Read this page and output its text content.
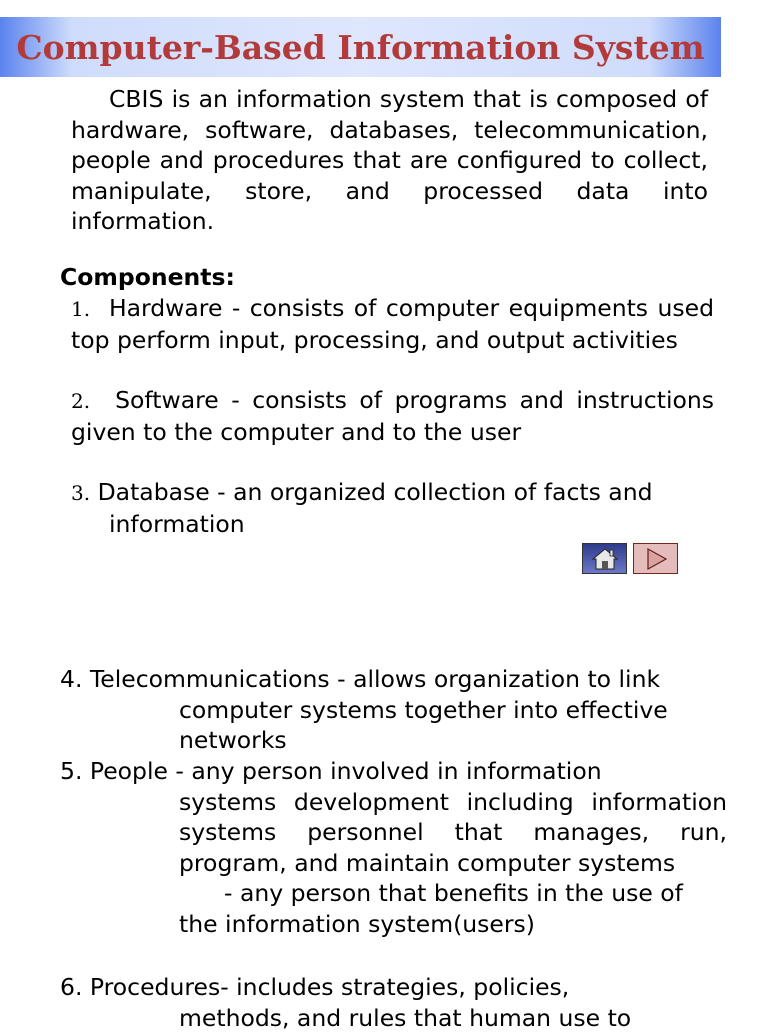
Computer-Based Information System
CBIS is an information system that is composed of hardware, software, databases, telecommunication, people and procedures that are configured to collect, manipulate, store, and processed data into information.
Components:
1. Hardware - consists of computer equipments used top perform input, processing, and output activities
2. Software - consists of programs and instructions given to the computer and to the user
3. Database - an organized collection of facts and
information
4. Telecommunications - allows organization to link
computer systems together into effective networks
5. People - any person involved in information
systems development including information systems personnel that manages, run, program, and maintain computer systems
- any person that benefits in the use of
the information system(users)
6. Procedures- includes strategies, policies,
methods, and rules that human use to
